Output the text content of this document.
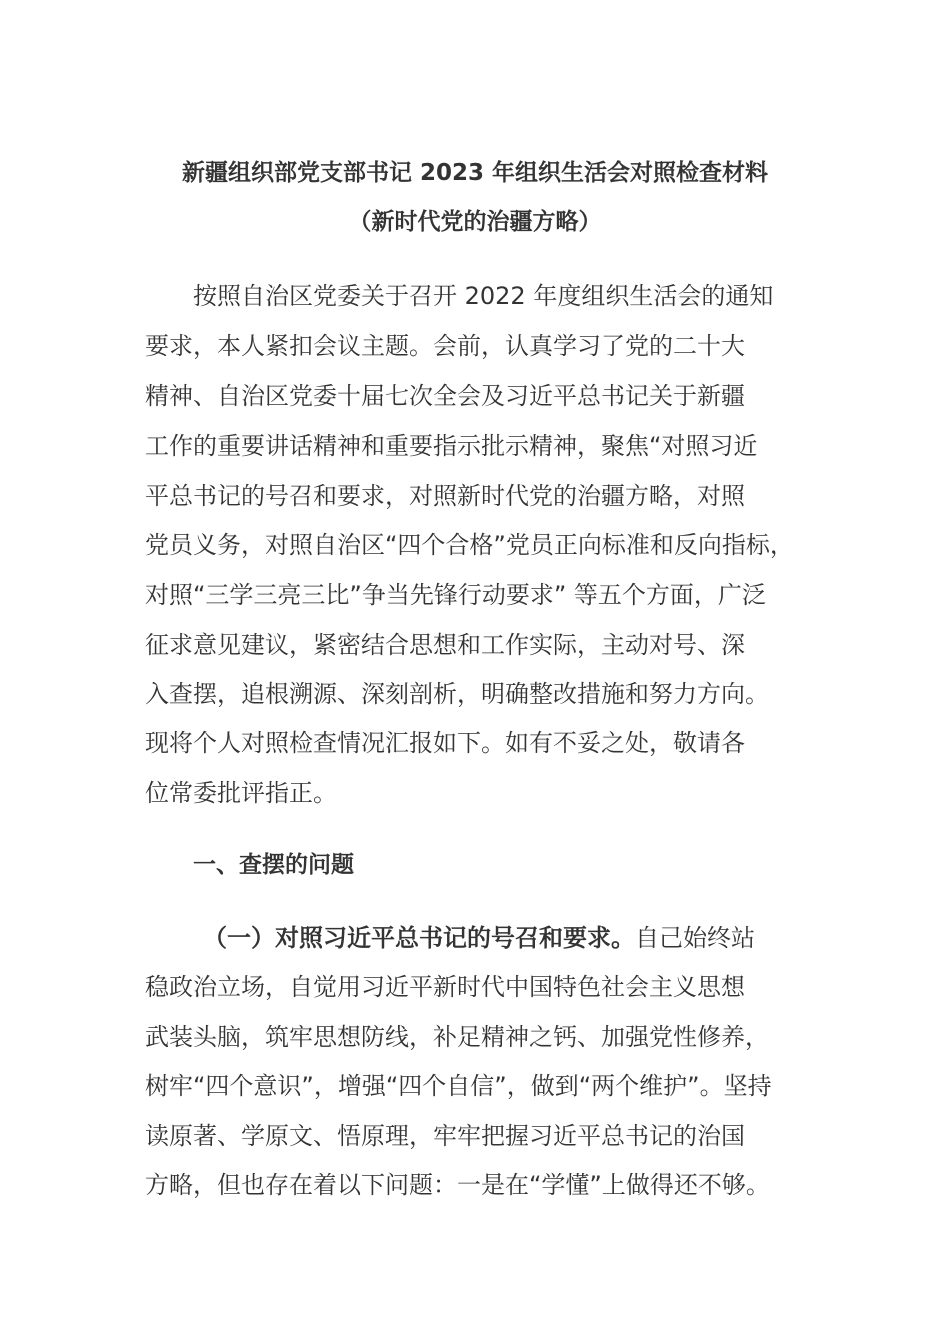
新疆组织部党支部书记 2023 年组织生活会对照检查材料
（新时代党的治疆方略）
按照自治区党委关于召开 2022 年度组织生活会的通知
要求，本人紧扣会议主题。会前，认真学习了党的二十大
精神、自治区党委十届七次全会及习近平总书记关于新疆
工作的重要讲话精神和重要指示批示精神，聚焦“对照习近
平总书记的号召和要求，对照新时代党的治疆方略，对照
党员义务，对照自治区“四个合格”党员正向标准和反向指标，
对照“三学三亮三比”争当先锋行动要求” 等五个方面，广泛
征求意见建议，紧密结合思想和工作实际，主动对号、深
入查摆，追根溯源、深刻剖析，明确整改措施和努力方向。
现将个人对照检查情况汇报如下。如有不妥之处，敬请各
位常委批评指正。
一、查摆的问题
（一）对照习近平总书记的号召和要求。自己始终站
稳政治立场，自觉用习近平新时代中国特色社会主义思想
武装头脑，筑牢思想防线，补足精神之钙、加强党性修养，
树牢“四个意识”，增强“四个自信”，做到“两个维护”。坚持
读原著、学原文、悟原理，牢牢把握习近平总书记的治国
方略，但也存在着以下问题：一是在“学懂”上做得还不够。
